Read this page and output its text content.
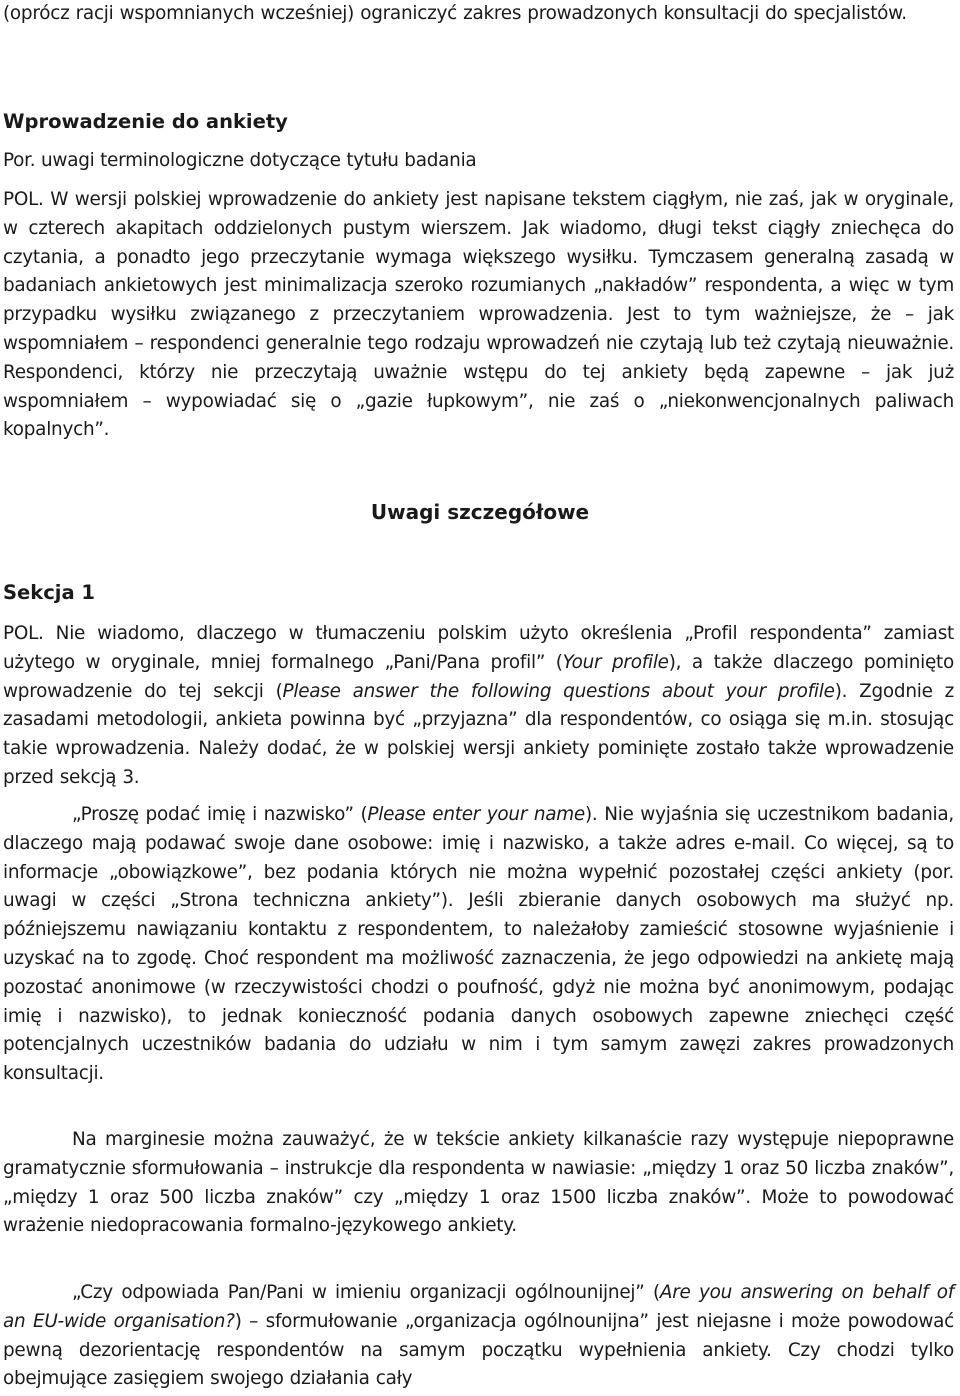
(oprócz racji wspomnianych wcześniej) ograniczyć zakres prowadzonych konsultacji do specjalistów.

Wprowadzenie do ankiety

Por. uwagi terminologiczne dotyczące tytułu badania

POL. W wersji polskiej wprowadzenie do ankiety jest napisane tekstem ciągłym, nie zaś, jak w oryginale, w czterech akapitach oddzielonych pustym wierszem. Jak wiadomo, długi tekst ciągły zniechęca do czytania, a ponadto jego przeczytanie wymaga większego wysiłku. Tymczasem generalną zasadą w badaniach ankietowych jest minimalizacja szeroko rozumianych „nakładów” respondenta, a więc w tym przypadku wysiłku związanego z przeczytaniem wprowadzenia. Jest to tym ważniejsze, że – jak wspomniałem – respondenci generalnie tego rodzaju wprowadzeń nie czytają lub też czytają nieuważnie. Respondenci, którzy nie przeczytają uważnie wstępu do tej ankiety będą zapewne – jak już wspomniałem – wypowiadać się o „gazie łupkowym”, nie zaś o „niekonwencjonalnych paliwach kopalnych”.

Uwagi szczegółowe
Sekcja 1

POL. Nie wiadomo, dlaczego w tłumaczeniu polskim użyto określenia „Profil respondenta” zamiast użytego w oryginale, mniej formalnego „Pani/Pana profil” (Your profile), a także dlaczego pominięto wprowadzenie do tej sekcji (Please answer the following questions about your profile). Zgodnie z zasadami metodologii, ankieta powinna być „przyjazna” dla respondentów, co osiąga się m.in. stosując takie wprowadzenia. Należy dodać, że w polskiej wersji ankiety pominięte zostało także wprowadzenie przed sekcją 3.

„Proszę podać imię i nazwisko” (Please enter your name). Nie wyjaśnia się uczestnikom badania, dlaczego mają podawać swoje dane osobowe: imię i nazwisko, a także adres e-mail. Co więcej, są to informacje „obowiązkowe”, bez podania których nie można wypełnić pozostałej części ankiety (por. uwagi w części „Strona techniczna ankiety”). Jeśli zbieranie danych osobowych ma służyć np. późniejszemu nawiązaniu kontaktu z respondentem, to należałoby zamieścić stosowne wyjaśnienie i uzyskać na to zgodę. Choć respondent ma możliwość zaznaczenia, że jego odpowiedzi na ankietę mają pozostać anonimowe (w rzeczywistości chodzi o poufność, gdyż nie można być anonimowym, podając imię i nazwisko), to jednak konieczność podania danych osobowych zapewne zniechęci część potencjalnych uczestników badania do udziału w nim i tym samym zawęzi zakres prowadzonych konsultacji.

Na marginesie można zauważyć, że w tekście ankiety kilkanaście razy występuje niepoprawne gramatycznie sformułowania – instrukcje dla respondenta w nawiasie: „między 1 oraz 50 liczba znaków”, „między 1 oraz 500 liczba znaków” czy „między 1 oraz 1500 liczba znaków”. Może to powodować wrażenie niedopracowania formalno-językowego ankiety.

„Czy odpowiada Pan/Pani w imieniu organizacji ogólnounijnej” (Are you answering on behalf of an EU-wide organisation?) – sformułowanie „organizacja ogólnounijna” jest niejasne i może powodować pewną dezorientację respondentów na samym początku wypełnienia ankiety. Czy chodzi tylko obejmujące zasięgiem swojego działania cały
